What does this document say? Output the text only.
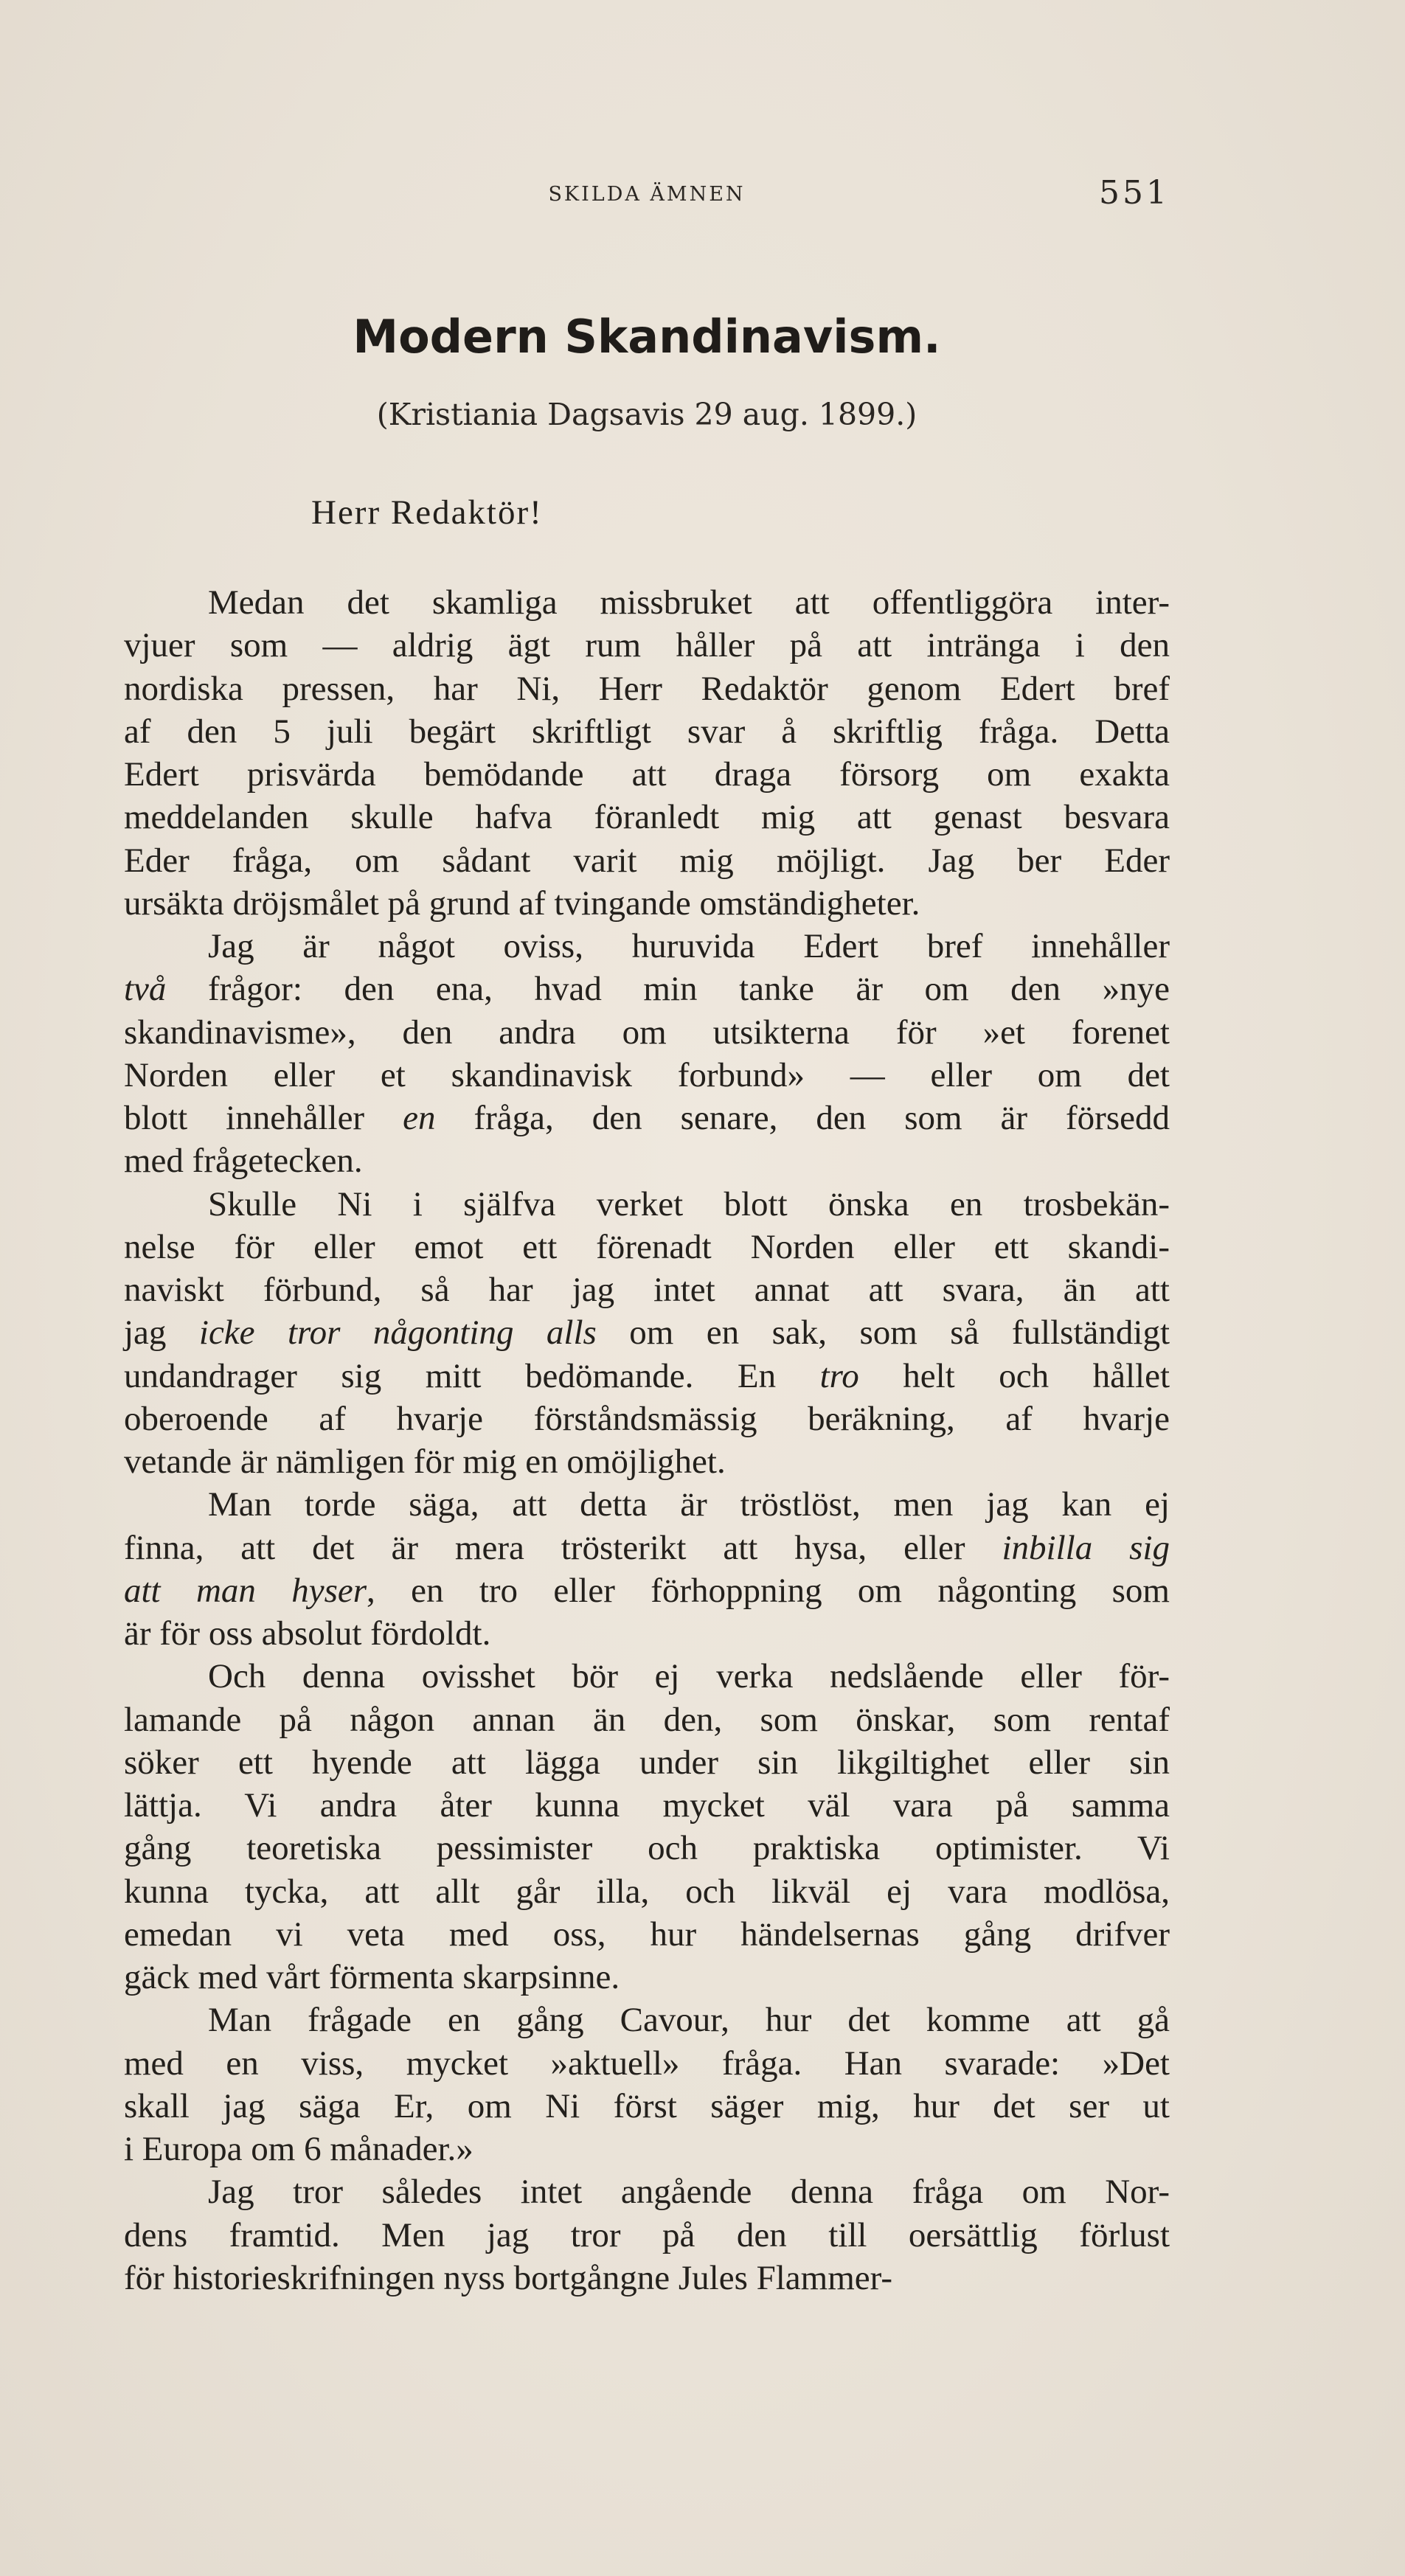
SKILDA ÄMNEN	551
Modern Skandinavism.
(Kristiania Dagsavis 29 aug. 1899.)
Herr Redaktör!
Medan det skamliga missbruket att offentliggöra inter-
vjuer som — aldrig ägt rum håller på att intränga i den
nordiska pressen, har Ni, Herr Redaktör genom Edert bref
af den 5 juli begärt skriftligt svar å skriftlig fråga. Detta
Edert prisvärda bemödande att draga försorg om exakta
meddelanden skulle hafva föranledt mig att genast besvara
Eder fråga, om sådant varit mig möjligt. Jag ber Eder
ursäkta dröjsmålet på grund af tvingande omständigheter.
Jag är något oviss, huruvida Edert bref innehåller
två frågor: den ena, hvad min tanke är om den »nye
skandinavisme», den andra om utsikterna för »et forenet
Norden eller et skandinavisk forbund» — eller om det
blott innehåller en fråga, den senare, den som är försedd
med frågetecken.
Skulle Ni i själfva verket blott önska en trosbekän-
nelse för eller emot ett förenadt Norden eller ett skandi-
naviskt förbund, så har jag intet annat att svara, än att
jag icke tror någonting alls om en sak, som så fullständigt
undandrager sig mitt bedömande. En tro helt och hållet
oberoende af hvarje förståndsmässig beräkning, af hvarje
vetande är nämligen för mig en omöjlighet.
Man torde säga, att detta är tröstlöst, men jag kan ej
finna, att det är mera trösterikt att hysa, eller inbilla sig
att man hyser, en tro eller förhoppning om någonting som
är för oss absolut fördoldt.
Och denna ovisshet bör ej verka nedslående eller för-
lamande på någon annan än den, som önskar, som rentaf
söker ett hyende att lägga under sin likgiltighet eller sin
lättja. Vi andra åter kunna mycket väl vara på samma
gång teoretiska pessimister och praktiska optimister. Vi
kunna tycka, att allt går illa, och likväl ej vara modlösa,
emedan vi veta med oss, hur händelsernas gång drifver
gäck med vårt förmenta skarpsinne.
Man frågade en gång Cavour, hur det komme att gå
med en viss, mycket »aktuell» fråga. Han svarade: »Det
skall jag säga Er, om Ni först säger mig, hur det ser ut
i Europa om 6 månader.»
Jag tror således intet angående denna fråga om Nor-
dens framtid. Men jag tror på den till oersättlig förlust
för historieskrifningen nyss bortgångne Jules Flammer-
